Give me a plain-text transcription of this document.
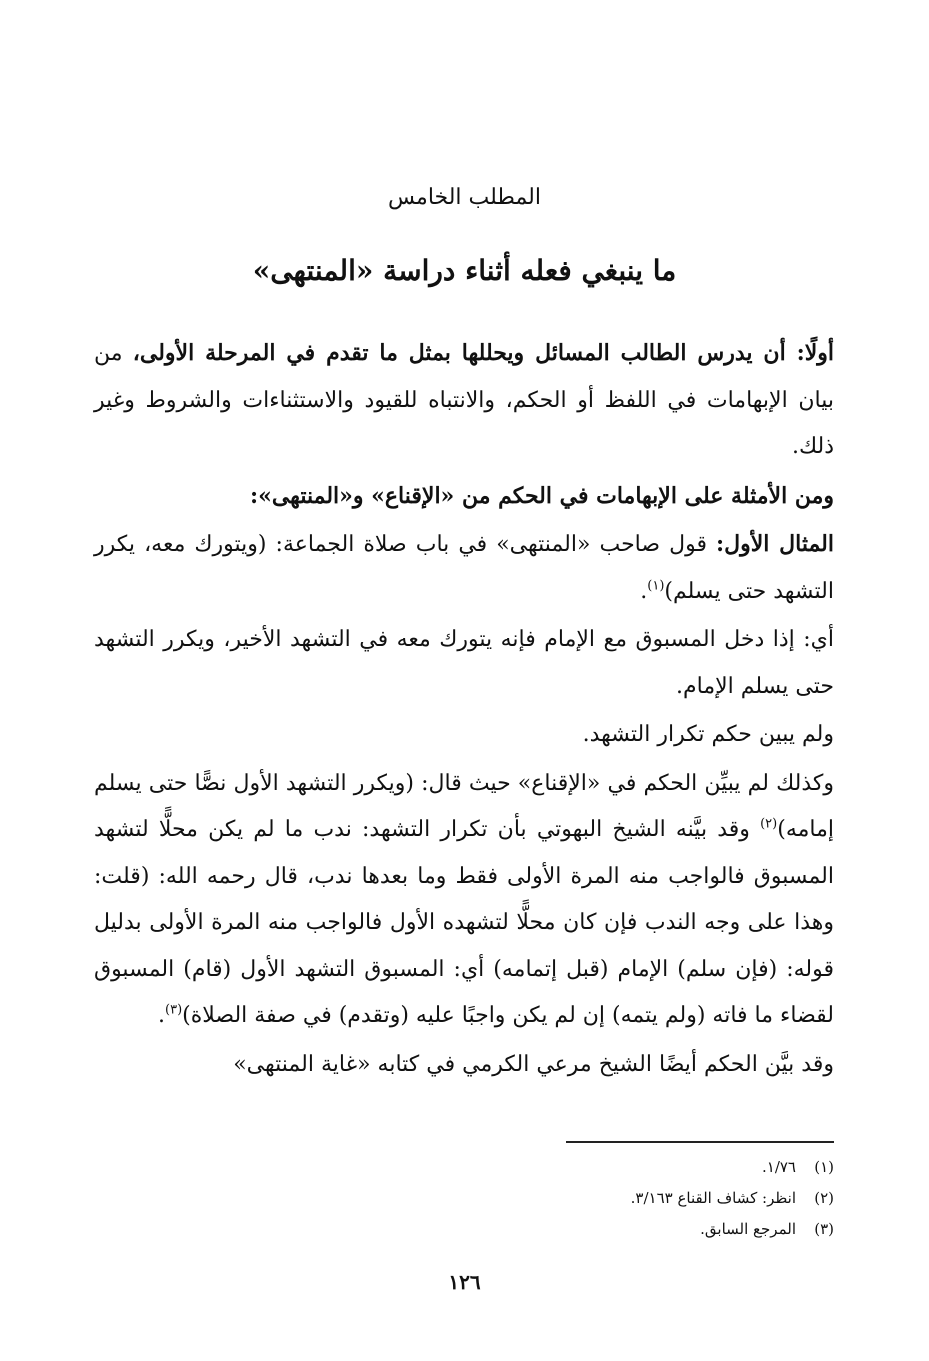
المطلب الخامس
ما ينبغي فعله أثناء دراسة «المنتهى»

أولًا: أن يدرس الطالب المسائل ويحللها بمثل ما تقدم في المرحلة الأولى، من بيان الإبهامات في اللفظ أو الحكم، والانتباه للقيود والاستثناءات والشروط وغير ذلك.

ومن الأمثلة على الإبهامات في الحكم من «الإقناع» و«المنتهى»:

المثال الأول: قول صاحب «المنتهى» في باب صلاة الجماعة: (ويتورك معه، يكرر التشهد حتى يسلم)$^{(١)}$.

أي: إذا دخل المسبوق مع الإمام فإنه يتورك معه في التشهد الأخير، ويكرر التشهد حتى يسلم الإمام.

ولم يبين حكم تكرار التشهد.

وكذلك لم يبيِّن الحكم في «الإقناع» حيث قال: (ويكرر التشهد الأول نصًّا حتى يسلم إمامه)$^{(٢)}$ وقد بيَّنه الشيخ البهوتي بأن تكرار التشهد: ندب ما لم يكن محلًّا لتشهد المسبوق فالواجب منه المرة الأولى فقط وما بعدها ندب، قال رحمه الله: (قلت: وهذا على وجه الندب فإن كان محلًّا لتشهده الأول فالواجب منه المرة الأولى بدليل قوله: (فإن سلم) الإمام (قبل إتمامه) أي: المسبوق التشهد الأول (قام) المسبوق لقضاء ما فاته (ولم يتمه) إن لم يكن واجبًا عليه (وتقدم) في صفة الصلاة)$^{(٣)}$.

وقد بيَّن الحكم أيضًا الشيخ مرعي الكرمي في كتابه «غاية المنتهى»

(١)١/٧٦.
(٢)انظر: كشاف القناع ٣/١٦٣.
(٣)المرجع السابق.
١٢٦
